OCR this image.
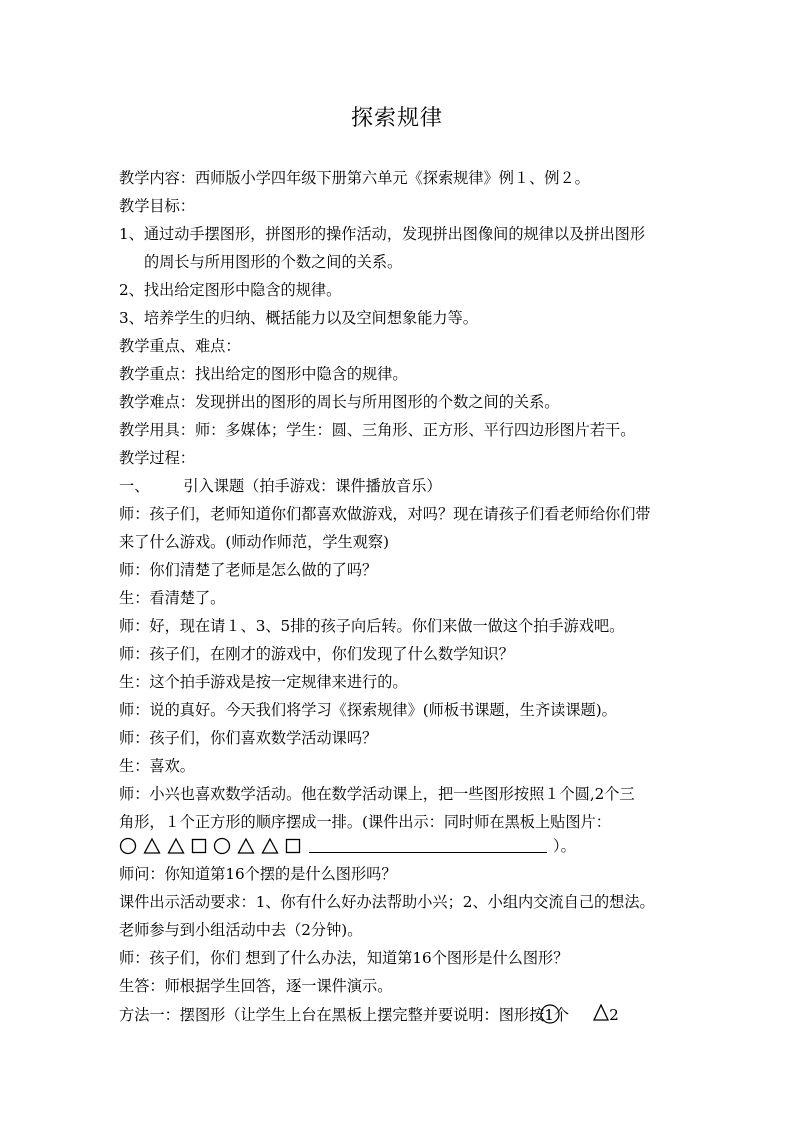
探索规律
教学内容：西师版小学四年级下册第六单元《探索规律》例１、例２。
教学目标：
1、通过动手摆图形，拼图形的操作活动，发现拼出图像间的规律以及拼出图形
的周长与所用图形的个数之间的关系。
2、找出给定图形中隐含的规律。
3、培养学生的归纳、概括能力以及空间想象能力等。
教学重点、难点：
教学重点：找出给定的图形中隐含的规律。
教学难点：发现拼出的图形的周长与所用图形的个数之间的关系。
教学用具：师：多媒体；学生：圆、三角形、正方形、平行四边形图片若干。
教学过程：
一、 引入课题（拍手游戏：课件播放音乐）
师：孩子们，老师知道你们都喜欢做游戏，对吗？现在请孩子们看老师给你们带
来了什么游戏。(师动作师范，学生观察)
师：你们清楚了老师是怎么做的了吗？
生：看清楚了。
师：好，现在请１、3、5排的孩子向后转。你们来做一做这个拍手游戏吧。
师：孩子们，在刚才的游戏中，你们发现了什么数学知识？
生：这个拍手游戏是按一定规律来进行的。
师：说的真好。今天我们将学习《探索规律》(师板书课题，生齐读课题)。
师：孩子们，你们喜欢数学活动课吗？
生：喜欢。
师：小兴也喜欢数学活动。他在数学活动课上，把一些图形按照１个圆,2个三
角形，１个正方形的顺序摆成一排。(课件出示：同时师在黑板上贴图片：
）。
师问：你知道第16个摆的是什么图形吗？
课件出示活动要求：1、你有什么好办法帮助小兴；2、小组内交流自己的想法。
老师参与到小组活动中去（2分钟)。
师：孩子们，你们 想到了什么办法，知道第16个图形是什么图形？
生答：师根据学生回答，逐一课件演示。
方法一：摆图形（让学生上台在黑板上摆完整并要说明：图形按
1个	2
